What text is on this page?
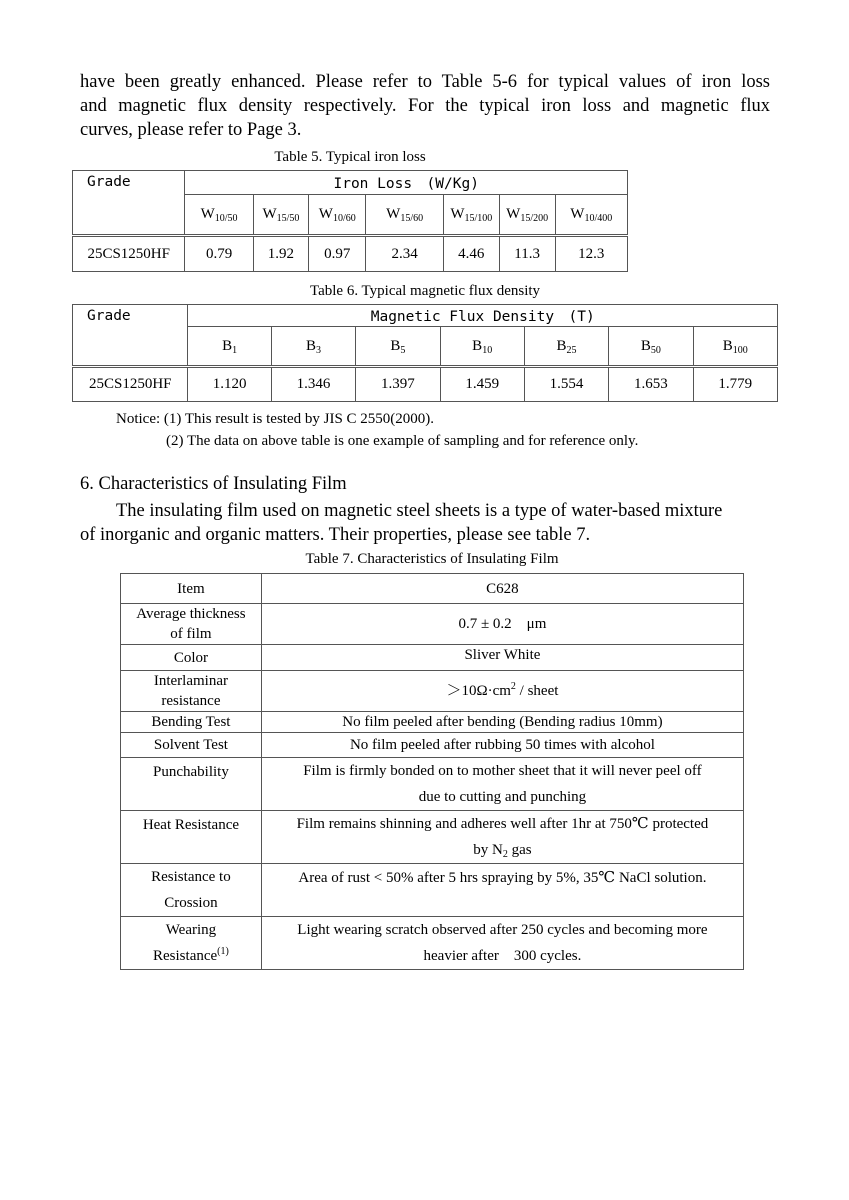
have been greatly enhanced. Please refer to Table 5-6 for typical values of iron loss
and magnetic flux density respectively. For the typical iron loss and magnetic flux
curves, please refer to Page 3.
Table 5. Typical iron loss
Grade	Iron Loss　(W/Kg)						
	$W_{10/50}$	$W_{15/50}$	$W_{10/60}$	$W_{15/60}$	$W_{15/100}$	$W_{15/200}$	$W_{10/400}$
25CS1250HF	0.79	1.92	0.97	2.34	4.46	11.3	12.3
Table 6. Typical magnetic flux density
Grade	Magnetic Flux Density　(T)						
	$B_1$	$B_3$	$B_5$	$B_{10}$	$B_{25}$	$B_{50}$	$B_{100}$
25CS1250HF	1.120	1.346	1.397	1.459	1.554	1.653	1.779
Notice: (1) This result is tested by JIS C 2550(2000).
(2) The data on above table is one example of sampling and for reference only.
6. Characteristics of Insulating Film
The insulating film used on magnetic steel sheets is a type of water-based mixture
of inorganic and organic matters. Their properties, please see table 7.
Table 7. Characteristics of Insulating Film
Item	C628

Average thickness
of film	0.7 ± 0.2　μm
Color	Sliver White

Interlaminar
resistance	$>10\Omega\cdot cm^2$ / sheet
Bending Test	No film peeled after bending (Bending radius 10mm)
Solvent Test	No film peeled after rubbing 50 times with alcohol
Punchability	Film is firmly bonded on to mother sheet that it will never peel off
due to cutting and punching

Heat Resistance	Film remains shinning and adheres well after 1hr at 750℃ protected
by $N_2$ gas

Resistance to
Crossion	Area of rust < 50% after 5 hrs spraying by 5%, 35℃ NaCl solution.

Wearing
Resistance$^{(1)}$	Light wearing scratch observed after 250 cycles and becoming more
heavier after　300 cycles.
